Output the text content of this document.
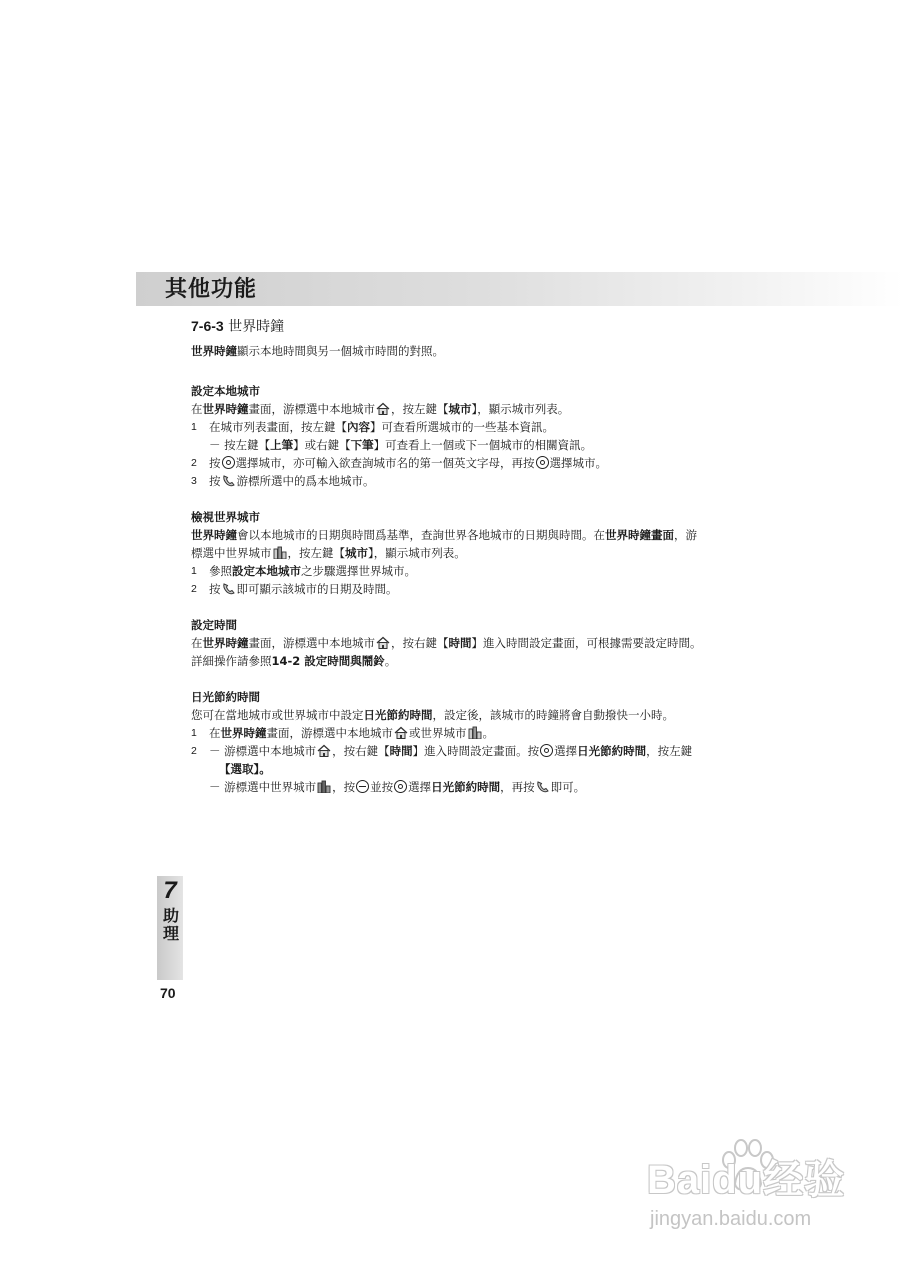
其他功能
7-6-3 世界時鐘

世界時鐘顯示本地時間與另一個城市時間的對照。

設定本地城市

在世界時鐘畫面，游標選中本地城市 ，按左鍵【城市】，顯示城市列表。

1	在城市列表畫面，按左鍵【內容】可查看所選城市的一些基本資訊。
－ 按左鍵【上筆】或右鍵【下筆】可查看上一個或下一個城市的相關資訊。
2	按 選擇城市，亦可輸入欲查詢城市名的第一個英文字母，再按 選擇城市。
3	按 游標所選中的爲本地城市。

檢視世界城市

世界時鐘會以本地城市的日期與時間爲基準，查詢世界各地城市的日期與時間。在世界時鐘畫面，游

標選中世界城市 ，按左鍵【城市】，顯示城市列表。

1	參照設定本地城市之步驟選擇世界城市。
2	按 即可顯示該城市的日期及時間。

設定時間

在世界時鐘畫面，游標選中本地城市 ，按右鍵【時間】進入時間設定畫面，可根據需要設定時間。

詳細操作請參照14-2 設定時間與鬧鈴。

日光節約時間

您可在當地城市或世界城市中設定日光節約時間，設定後，該城市的時鐘將會自動撥快一小時。

1	在世界時鐘畫面，游標選中本地城市 或世界城市 。
2	－ 游標選中本地城市 ，按右鍵【時間】進入時間設定畫面。按 選擇日光節約時間，按左鍵
【選取】。
－ 游標選中世界城市 ，按 並按 選擇日光節約時間，再按 即可。
7
助
理
70
Baidu经验
jingyan.baidu.com
